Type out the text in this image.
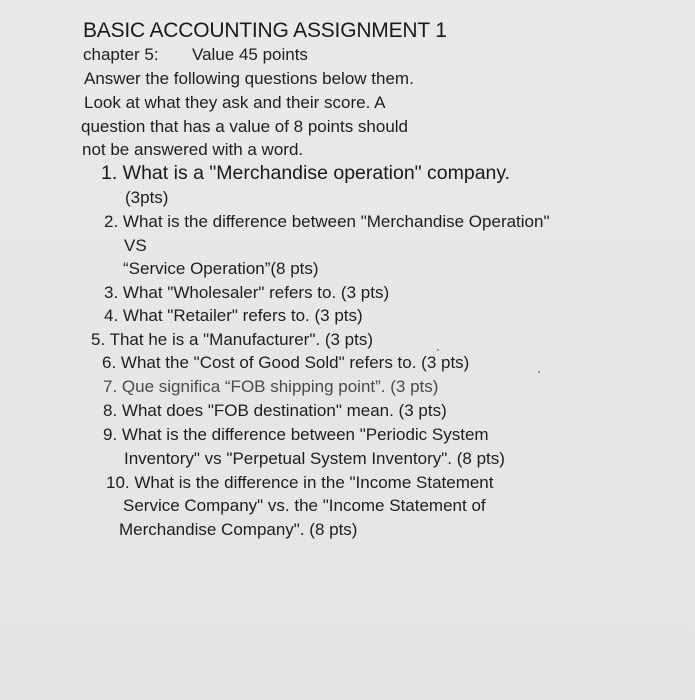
BASIC ACCOUNTING ASSIGNMENT 1
chapter 5: Value 45 points
Answer the following questions below them.
Look at what they ask and their score. A
question that has a value of 8 points should
not be answered with a word.
1. What is a "Merchandise operation" company.
(3pts)
2. What is the difference between "Merchandise Operation"
VS
“Service Operation”(8 pts)
3. What "Wholesaler" refers to. (3 pts)
4. What "Retailer" refers to. (3 pts)
5. That he is a "Manufacturer". (3 pts)
6. What the "Cost of Good Sold" refers to. (3 pts)
7. Que significa “FOB shipping point”. (3 pts)
8. What does "FOB destination" mean. (3 pts)
9. What is the difference between "Periodic System
Inventory" vs "Perpetual System Inventory". (8 pts)
10. What is the difference in the "Income Statement
Service Company" vs. the "Income Statement of
Merchandise Company". (8 pts)
